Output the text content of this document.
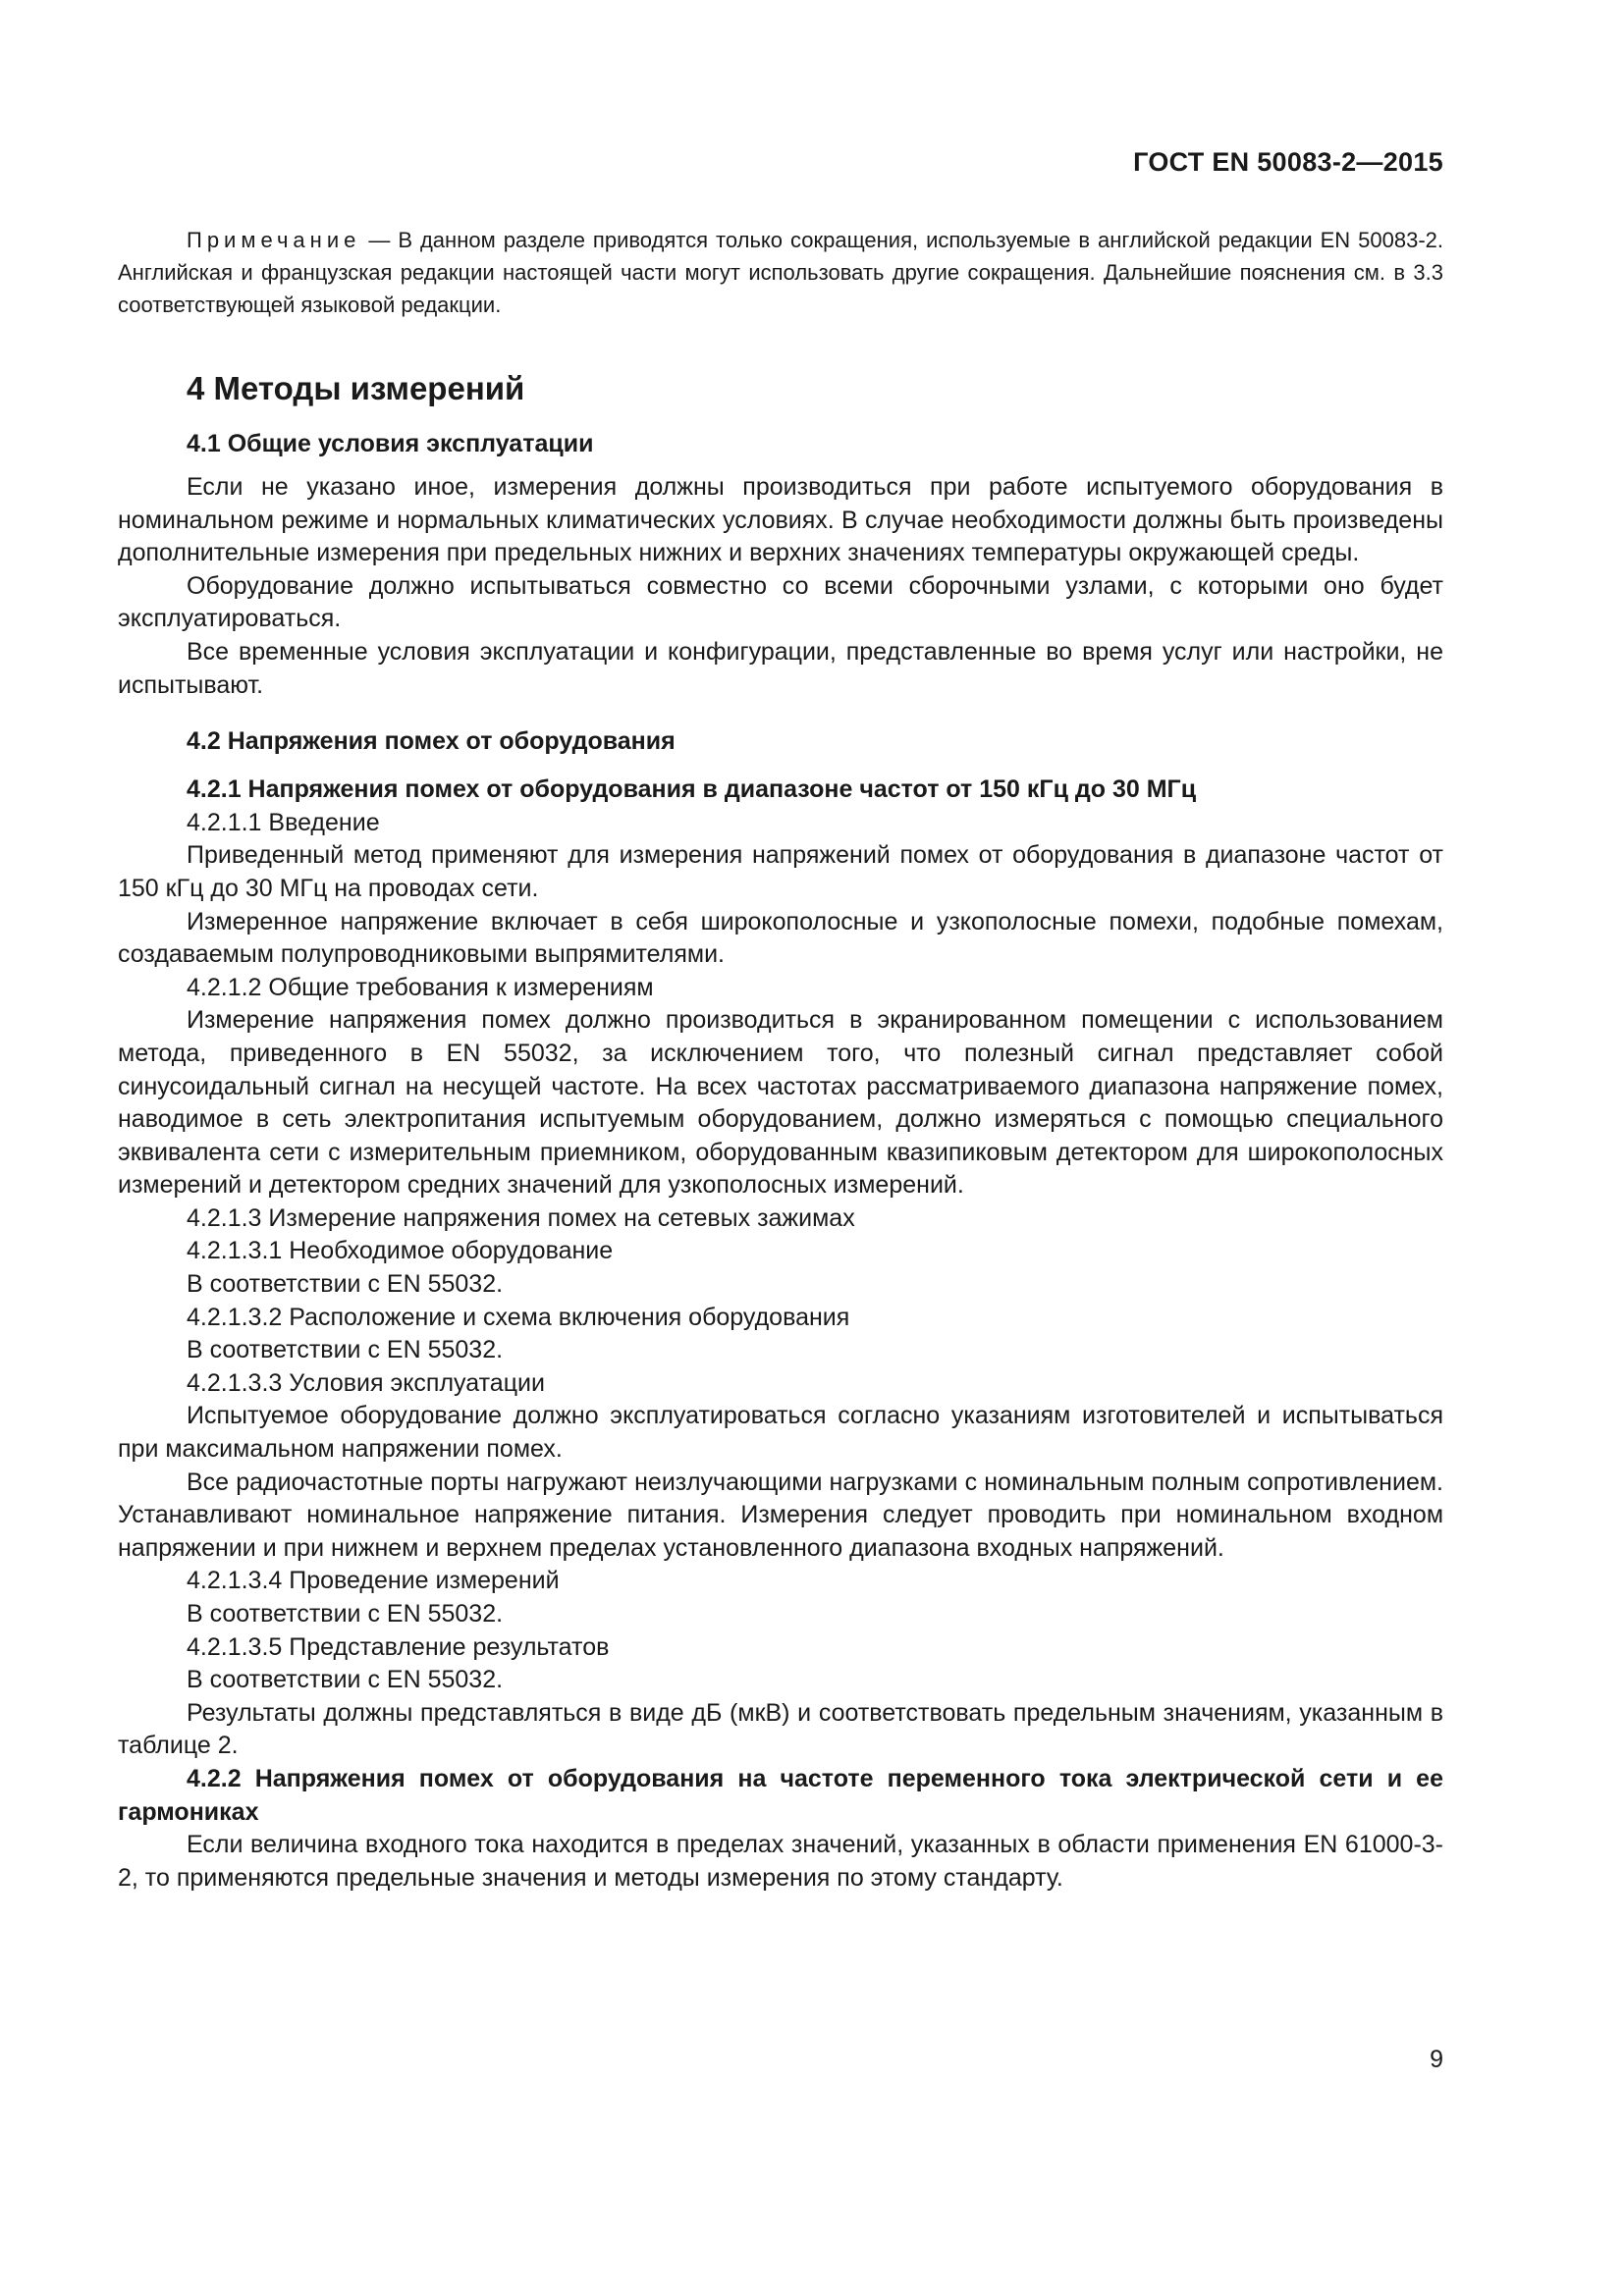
ГОСТ EN 50083-2—2015

Примечание — В данном разделе приводятся только сокращения, используемые в английской редакции EN 50083-2. Английская и французская редакции настоящей части могут использовать другие сокращения. Дальнейшие пояснения см. в 3.3 соответствующей языковой редакции.

4 Методы измерений
4.1 Общие условия эксплуатации

Если не указано иное, измерения должны производиться при работе испытуемого оборудования в номинальном режиме и нормальных климатических условиях. В случае необходимости должны быть произведены дополнительные измерения при предельных нижних и верхних значениях температуры окружающей среды.

Оборудование должно испытываться совместно со всеми сборочными узлами, с которыми оно будет эксплуатироваться.

Все временные условия эксплуатации и конфигурации, представленные во время услуг или настройки, не испытывают.

4.2 Напряжения помех от оборудования
4.2.1 Напряжения помех от оборудования в диапазоне частот от 150 кГц до 30 МГц

4.2.1.1 Введение

Приведенный метод применяют для измерения напряжений помех от оборудования в диапазоне частот от 150 кГц до 30 МГц на проводах сети.

Измеренное напряжение включает в себя широкополосные и узкополосные помехи, подобные помехам, создаваемым полупроводниковыми выпрямителями.

4.2.1.2 Общие требования к измерениям

Измерение напряжения помех должно производиться в экранированном помещении с использованием метода, приведенного в EN 55032, за исключением того, что полезный сигнал представляет собой синусоидальный сигнал на несущей частоте. На всех частотах рассматриваемого диапазона напряжение помех, наводимое в сеть электропитания испытуемым оборудованием, должно измеряться с помощью специального эквивалента сети с измерительным приемником, оборудованным квазипиковым детектором для широкополосных измерений и детектором средних значений для узкополосных измерений.

4.2.1.3 Измерение напряжения помех на сетевых зажимах

4.2.1.3.1 Необходимое оборудование

В соответствии с EN 55032.

4.2.1.3.2 Расположение и схема включения оборудования

В соответствии с EN 55032.

4.2.1.3.3 Условия эксплуатации

Испытуемое оборудование должно эксплуатироваться согласно указаниям изготовителей и испытываться при максимальном напряжении помех.

Все радиочастотные порты нагружают неизлучающими нагрузками с номинальным полным сопротивлением. Устанавливают номинальное напряжение питания. Измерения следует проводить при номинальном входном напряжении и при нижнем и верхнем пределах установленного диапазона входных напряжений.

4.2.1.3.4 Проведение измерений

В соответствии с EN 55032.

4.2.1.3.5 Представление результатов

В соответствии с EN 55032.

Результаты должны представляться в виде дБ (мкВ) и соответствовать предельным значениям, указанным в таблице 2.

4.2.2 Напряжения помех от оборудования на частоте переменного тока электрической сети и ее гармониках

Если величина входного тока находится в пределах значений, указанных в области применения EN 61000-3-2, то применяются предельные значения и методы измерения по этому стандарту.

9
